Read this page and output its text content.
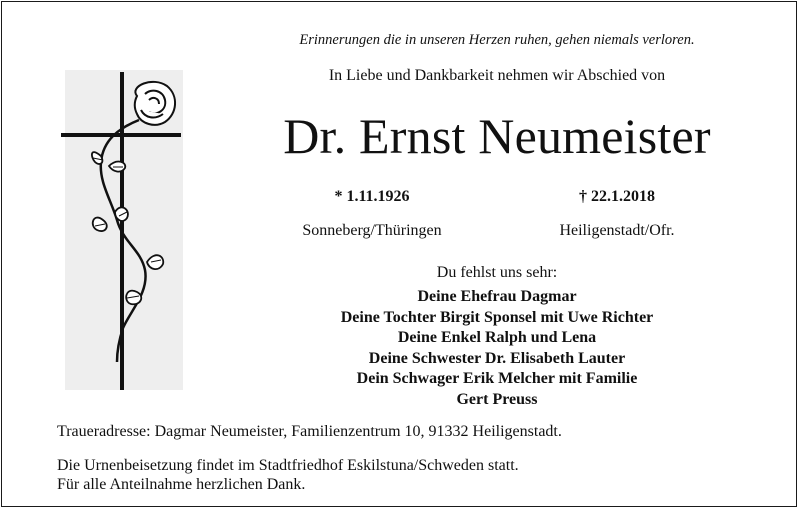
Erinnerungen die in unseren Herzen ruhen, gehen niemals verloren.
In Liebe und Dankbarkeit nehmen wir Abschied von
Dr. Ernst Neumeister
* 1.11.1926	† 22.1.2018
Sonneberg/Thüringen	Heiligenstadt/Ofr.
Du fehlst uns sehr:
Deine Ehefrau Dagmar
Deine Tochter Birgit Sponsel mit Uwe Richter
Deine Enkel Ralph und Lena
Deine Schwester Dr. Elisabeth Lauter
Dein Schwager Erik Melcher mit Familie
Gert Preuss
Traueradresse: Dagmar Neumeister, Familienzentrum 10, 91332 Heiligenstadt.
Die Urnenbeisetzung findet im Stadtfriedhof Eskilstuna/Schweden statt.
Für alle Anteilnahme herzlichen Dank.
